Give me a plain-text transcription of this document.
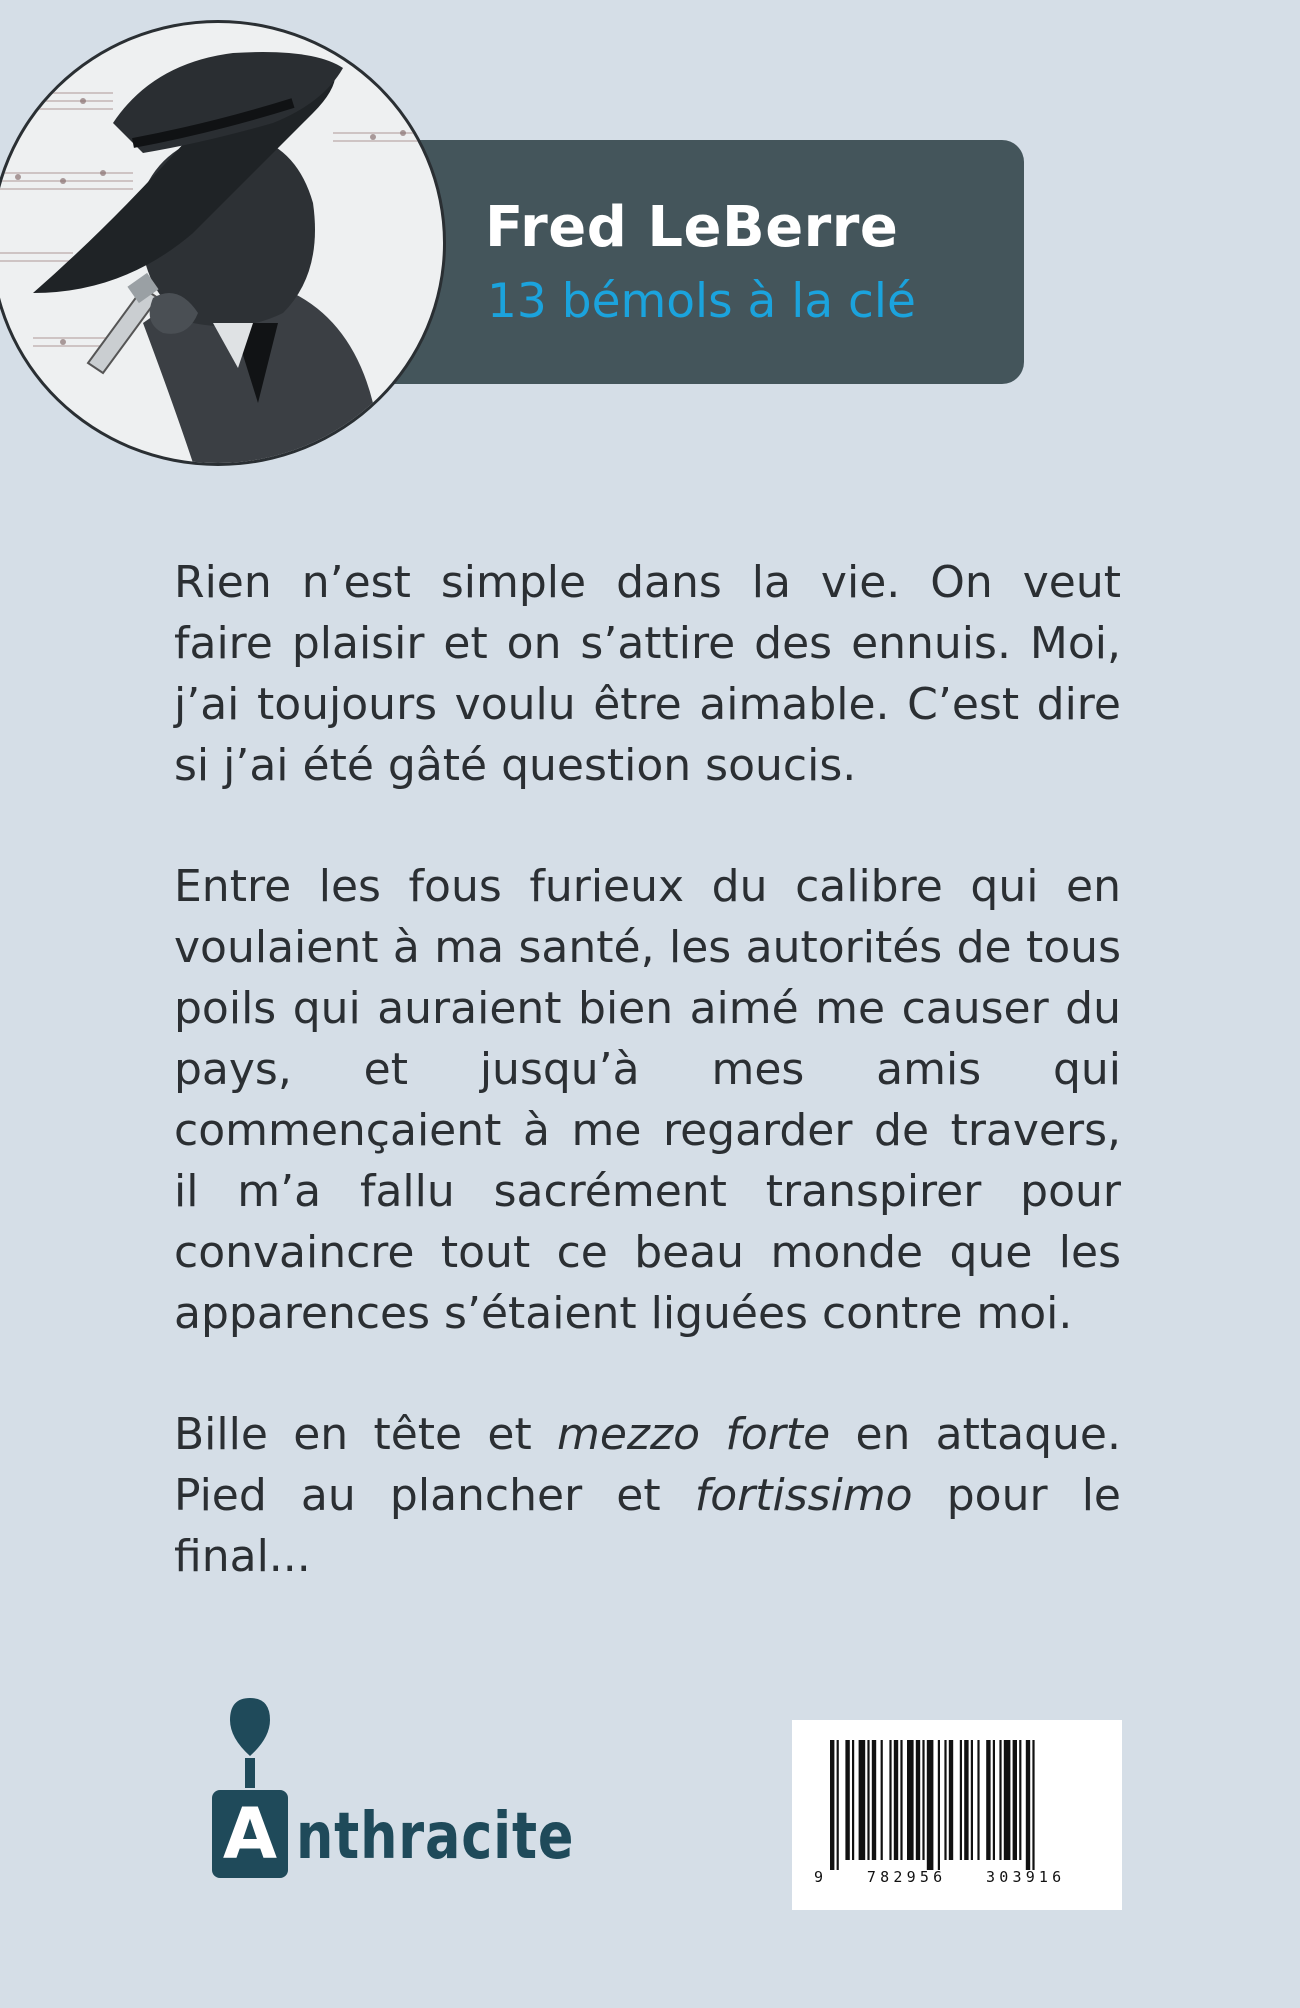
Fred LeBerre
13 bémols à la clé

Rien n’est simple dans la vie. On veut faire plaisir et on s’attire des ennuis. Moi, j’ai toujours voulu être aimable. C’est dire si j’ai été gâté question soucis.

Entre les fous furieux du calibre qui en voulaient à ma santé, les autorités de tous poils qui auraient bien aimé me causer du pays, et jusqu’à mes amis qui commençaient à me regarder de travers, il m’a fallu sacrément transpirer pour convaincre tout ce beau monde que les apparences s’étaient liguées contre moi.

Bille en tête et mezzo forte en attaque. Pied au plancher et fortissimo pour le final...

A nthracite
9   782956   303916
